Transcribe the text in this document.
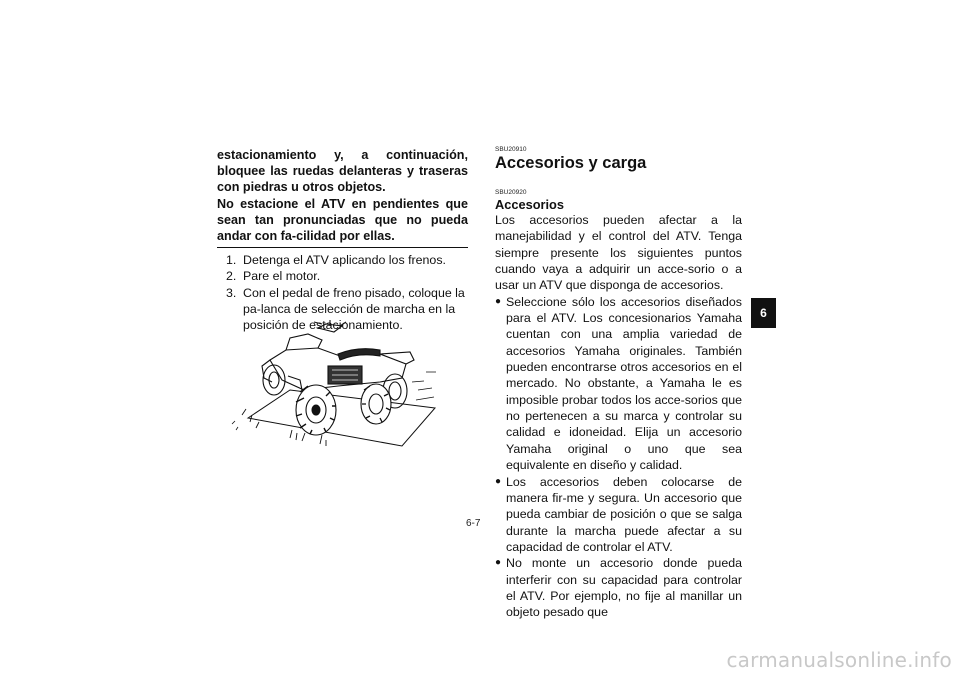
estacionamiento y, a continuación, bloquee las ruedas delanteras y traseras con piedras u otros objetos.

No estacione el ATV en pendientes que sean tan pronunciadas que no pueda andar con fa-cilidad por ellas.

1. Detenga el ATV aplicando los frenos.
2. Pare el motor.
3. Con el pedal de freno pisado, coloque la pa-lanca de selección de marcha en la posición de estacionamiento.
SBU20910
Accesorios y carga
SBU20920
Accesorios

Los accesorios pueden afectar a la manejabilidad y el control del ATV. Tenga siempre presente los siguientes puntos cuando vaya a adquirir un acce-sorio o a usar un ATV que disponga de accesorios.

● Seleccione sólo los accesorios diseñados para el ATV. Los concesionarios Yamaha cuentan con una amplia variedad de accesorios Yamaha originales. También pueden encontrarse otros accesorios en el mercado. No obstante, a Yamaha le es imposible probar todos los acce-sorios que no pertenecen a su marca y controlar su calidad e idoneidad. Elija un accesorio Yamaha original o uno que sea equivalente en diseño y calidad.
● Los accesorios deben colocarse de manera fir-me y segura. Un accesorio que pueda cambiar de posición o que se salga durante la marcha puede afectar a su capacidad de controlar el ATV.
● No monte un accesorio donde pueda interferir con su capacidad para controlar el ATV. Por ejemplo, no fije al manillar un objeto pesado que
6
6-7
carmanualsonline.info
